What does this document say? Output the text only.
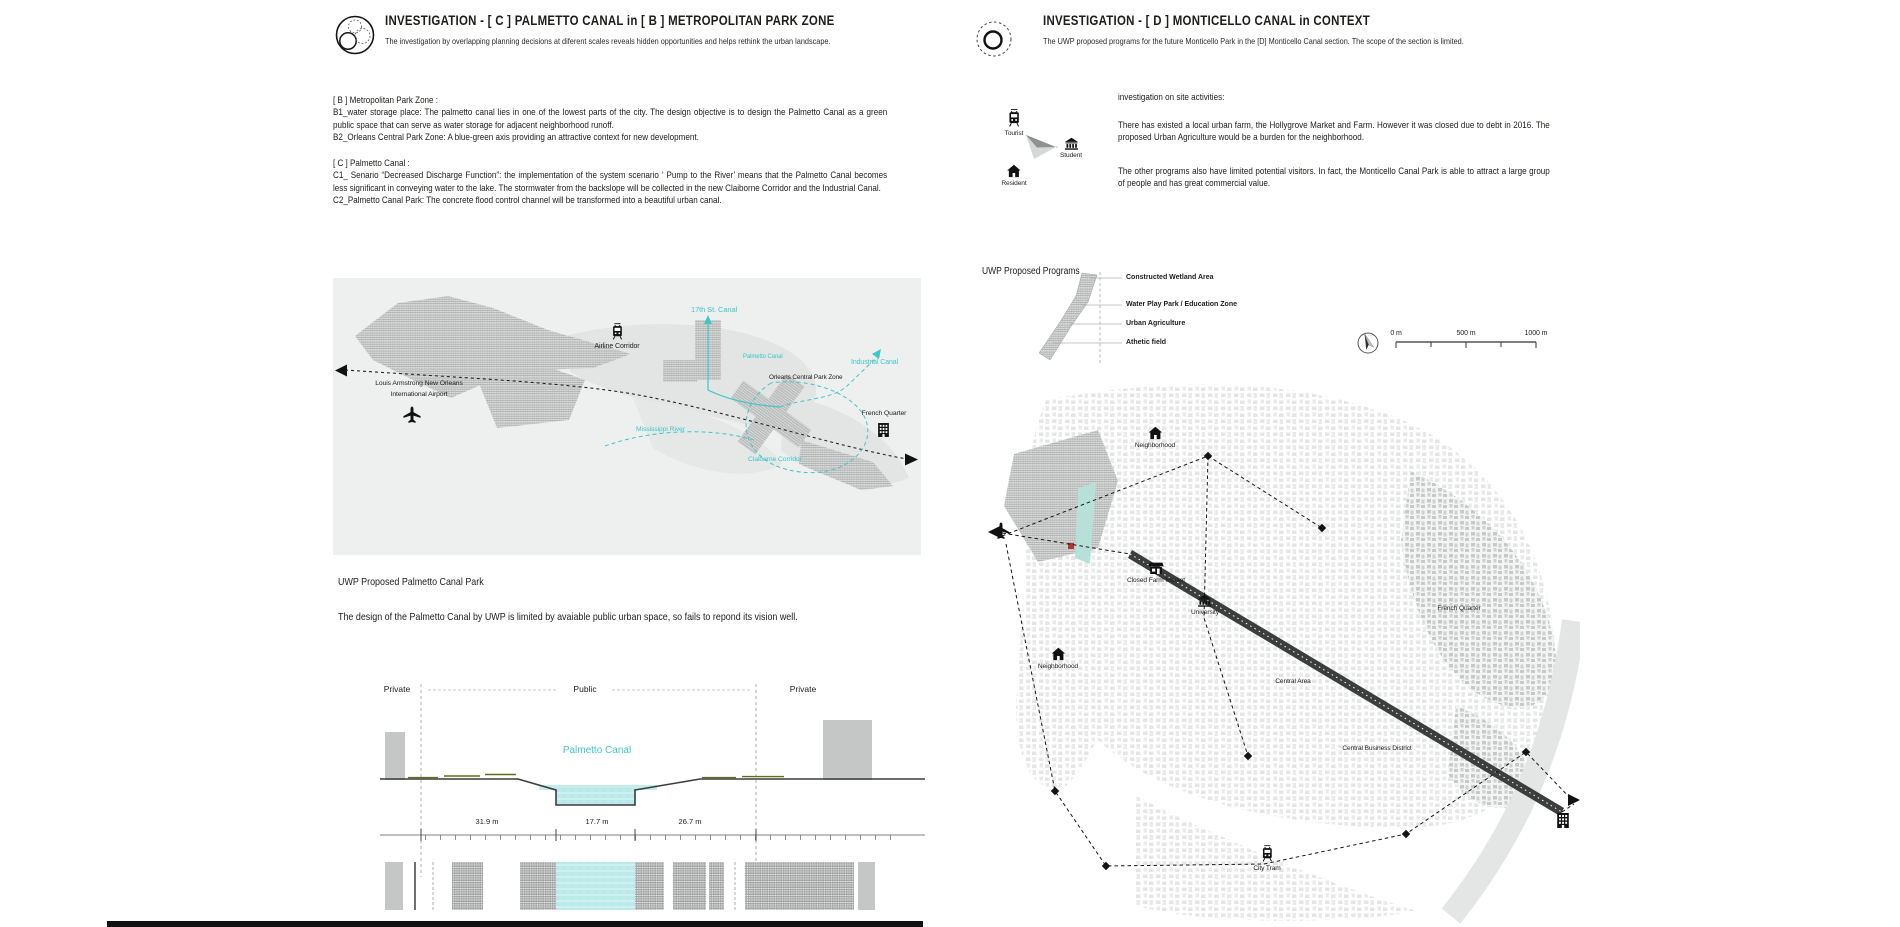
INVESTIGATION - [ C ] PALMETTO CANAL in [ B ] METROPOLITAN PARK ZONE
The investigation by overlapping planning decisions at diferent scales reveals hidden opportunities and helps rethink the urban landscape.
[ B ] Metropolitan Park Zone :
B1_water storage place: The palmetto canal lies in one of the lowest parts of the city. The design objective is to design the Palmetto Canal as a green public space that can serve as water storage for adjacent neighborhood runoff.
B2_Orleans Central Park Zone: A blue-green axis providing an attractive context for new development.
[ C ] Palmetto Canal :
C1_ Senario “Decreased Discharge Function”: the implementation of the system scenario ‘ Pump to the River’ means that the Palmetto Canal becomes less significant in conveying water to the lake. The stormwater from the backslope will be collected in the new Claiborne Corridor and the Industrial Canal.
C2_Palmetto Canal Park: The concrete flood control channel will be transformed into a beautiful urban canal.
Airline Corridor
17th St. Canal
Palmetto Canal
Orleans Central Park Zone
Industrial Canal
Louis Armstrong New Orleans
International Airport
Mississippi River
Claiborne Corridor
French Quarter
UWP Proposed Palmetto Canal Park
The design of the Palmetto Canal by UWP is limited by avaiable public urban space, so fails to repond its vision well.
Private	Public	Private
Palmetto Canal
31.9 m	17.7 m	26.7 m
INVESTIGATION - [ D ] MONTICELLO CANAL in CONTEXT
The UWP proposed programs for the future Monticello Park in the [D] Monticello Canal section. The scope of the section is limited.
Tourist
Student
Resident
investigation on site activities:
There has existed a local urban farm, the Hollygrove Market and Farm. However it was closed due to debt in 2016. The proposed Urban Agriculture would be a burden for the neighborhood.
The other programs also have limited potential visitors. In fact, the Monticello Canal Park is able to attract a large group of people and has great commercial value.
UWP Proposed Programs
Constructed Wetland Area
Water Play Park / Education Zone
Urban Agriculture
Athetic field
0 m	500 m	1000 m
Neighborhood
Closed Farm Market
University
Neighborhood
Central Area
French Quarter
Central Business District
City Tram
